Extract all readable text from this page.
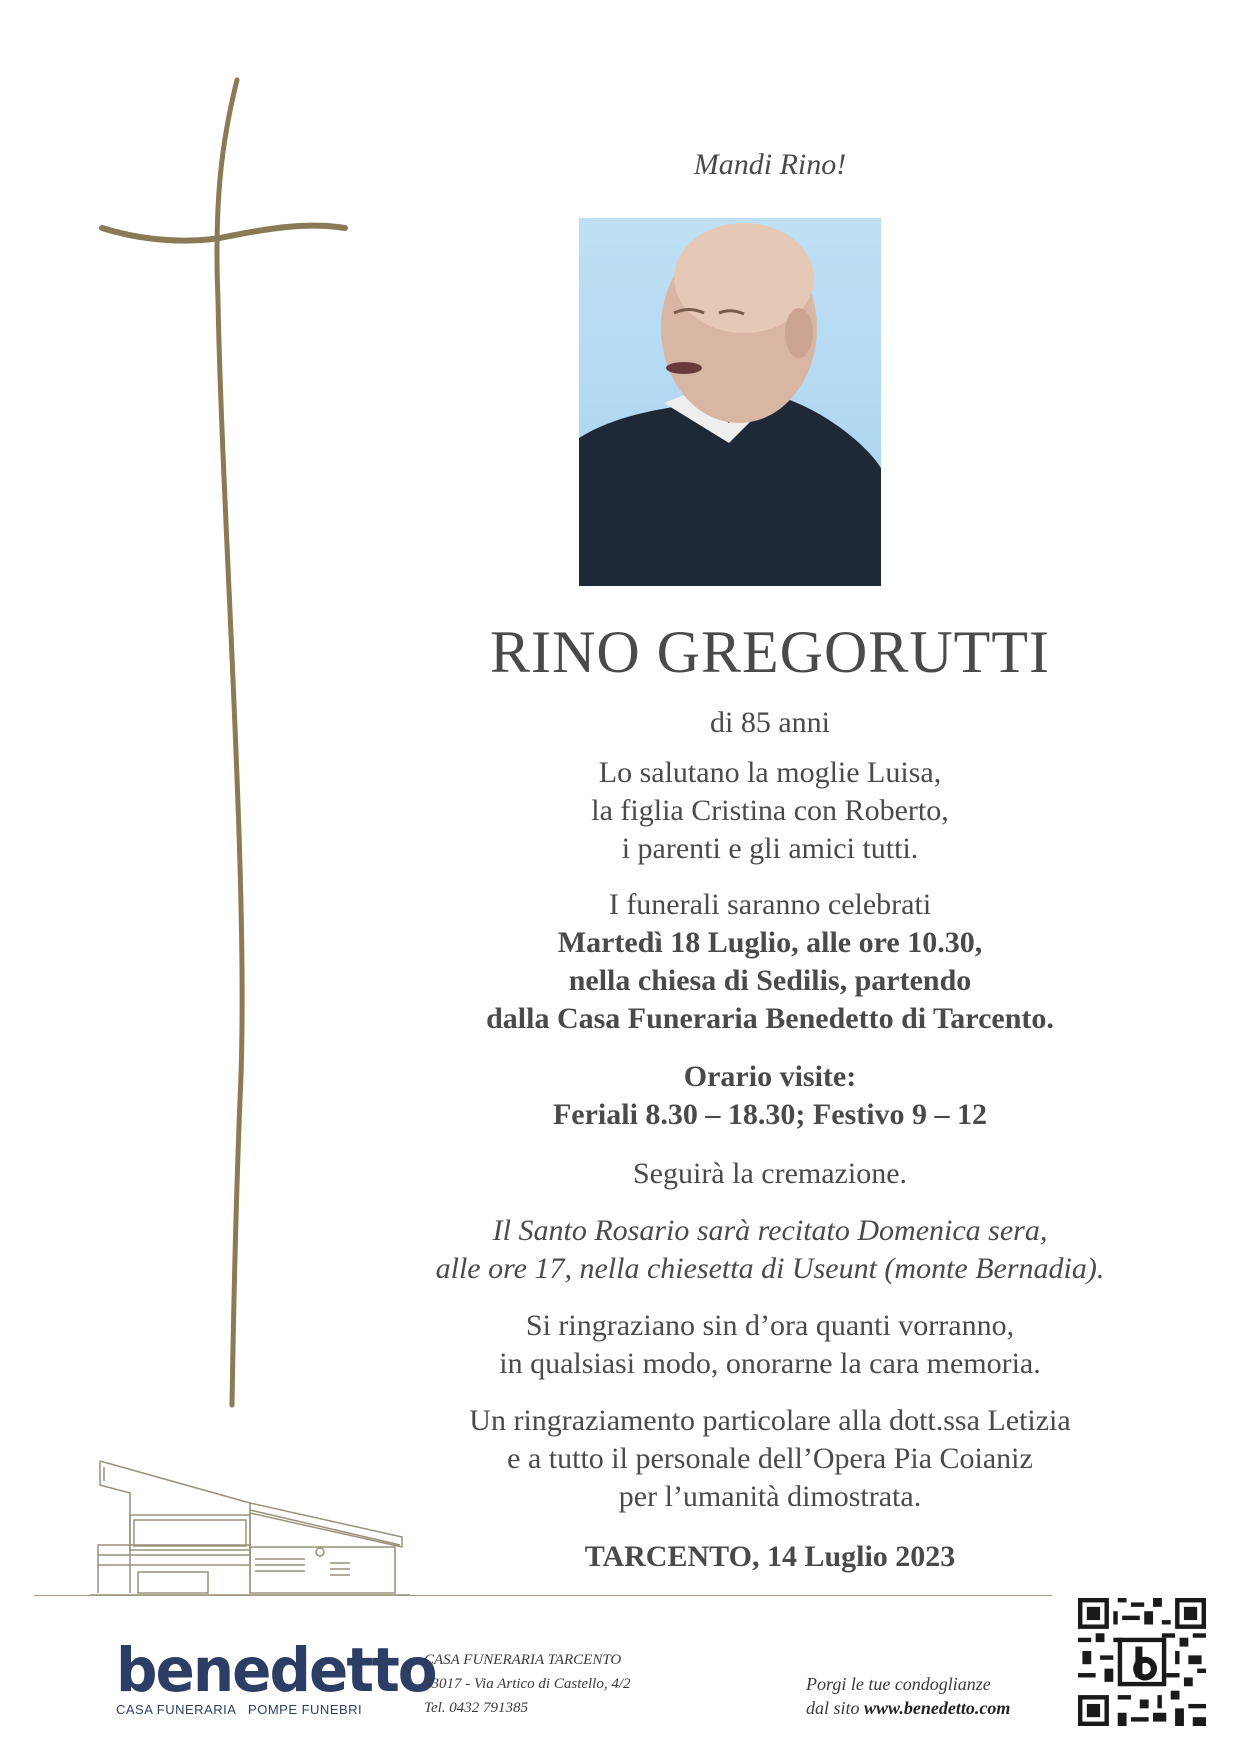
Mandi Rino!
RINO GREGORUTTI
di 85 anni
Lo salutano la moglie Luisa,
la figlia Cristina con Roberto,
i parenti e gli amici tutti.
I funerali saranno celebrati
Martedì 18 Luglio, alle ore 10.30,
nella chiesa di Sedilis, partendo
dalla Casa Funeraria Benedetto di Tarcento.
Orario visite:
Feriali 8.30 – 18.30; Festivo 9 – 12
Seguirà la cremazione.
Il Santo Rosario sarà recitato Domenica sera,
alle ore 17, nella chiesetta di Useunt (monte Bernadia).
Si ringraziano sin d’ora quanti vorranno,
in qualsiasi modo, onorarne la cara memoria.
Un ringraziamento particolare alla dott.ssa Letizia
e a tutto il personale dell’Opera Pia Coianiz
per l’umanità dimostrata.
TARCENTO, 14 Luglio 2023
benedetto
CASA FUNERARIA   POMPE FUNEBRI
CASA FUNERARIA TARCENTO
33017 - Via Artico di Castello, 4/2
Tel. 0432 791385
Porgi le tue condoglianze
dal sito www.benedetto.com
